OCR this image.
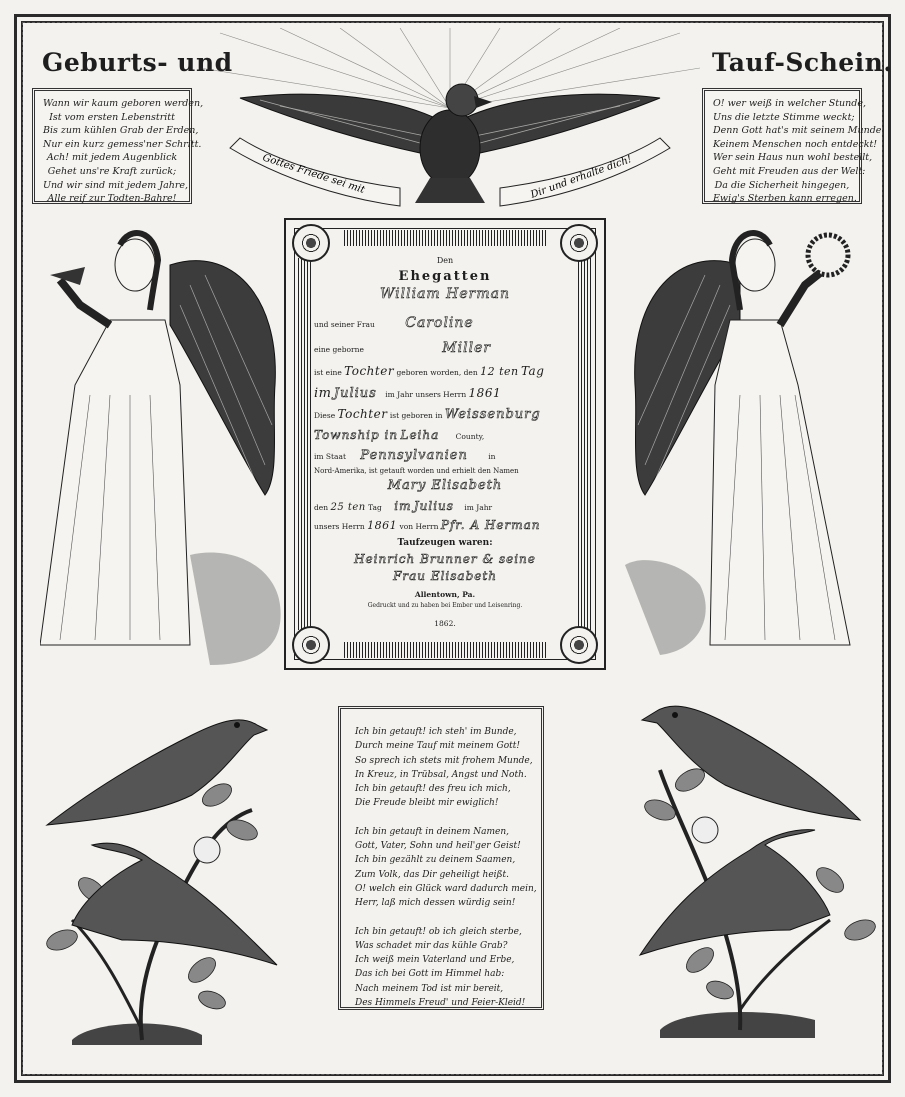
Geburts- und	Tauf-Schein.
Gottes Friede sei mit	Dir und erhalte dich!
Wann wir kaum geboren werden,
Ist vom ersten Lebenstritt
Bis zum kühlen Grab der Erden,
Nur ein kurz gemess'ner Schritt.
Ach! mit jedem Augenblick
Gehet uns're Kraft zurück;
Und wir sind mit jedem Jahre,
Alle reif zur Todten-Bahre!
O! wer weiß in welcher Stunde,
Uns die letzte Stimme weckt;
Denn Gott hat's mit seinem Munde
Keinem Menschen noch entdeckt!
Wer sein Haus nun wohl bestellt,
Geht mit Freuden aus der Welt:
Da die Sicherheit hingegen,
Ewig's Sterben kann erregen.
Den
Ehegatten
William Herman
und seiner Frau Caroline
eine geborne	Miller
ist eine Tochter geboren worden, den 12 ten Tag
im Julius im Jahr unsers Herrn 1861
Diese Tochter ist geboren in Weissenburg
Township in Leiha County,
im Staat Pennsylvanien	in
Nord-Amerika, ist getauft worden und erhielt den Namen
Mary Elisabeth
den 25 ten Tag im Julius im Jahr
unsers Herrn 1861 von Herrn Pfr. A Herman
Taufzeugen waren:
Heinrich Brunner & seine
Frau Elisabeth
Allentown, Pa.
Gedruckt und zu haben bei Ember und Leisenring.
1862.
Ich bin getauft! ich steh' im Bunde,
Durch meine Tauf mit meinem Gott!
So sprech ich stets mit frohem Munde,
In Kreuz, in Trübsal, Angst und Noth.
Ich bin getauft! des freu ich mich,
Die Freude bleibt mir ewiglich!
Ich bin getauft in deinem Namen,
Gott, Vater, Sohn und heil'ger Geist!
Ich bin gezählt zu deinem Saamen,
Zum Volk, das Dir geheiligt heißt.
O! welch ein Glück ward dadurch mein,
Herr, laß mich dessen würdig sein!
Ich bin getauft! ob ich gleich sterbe,
Was schadet mir das kühle Grab?
Ich weiß mein Vaterland und Erbe,
Das ich bei Gott im Himmel hab:
Nach meinem Tod ist mir bereit,
Des Himmels Freud' und Feier-Kleid!
